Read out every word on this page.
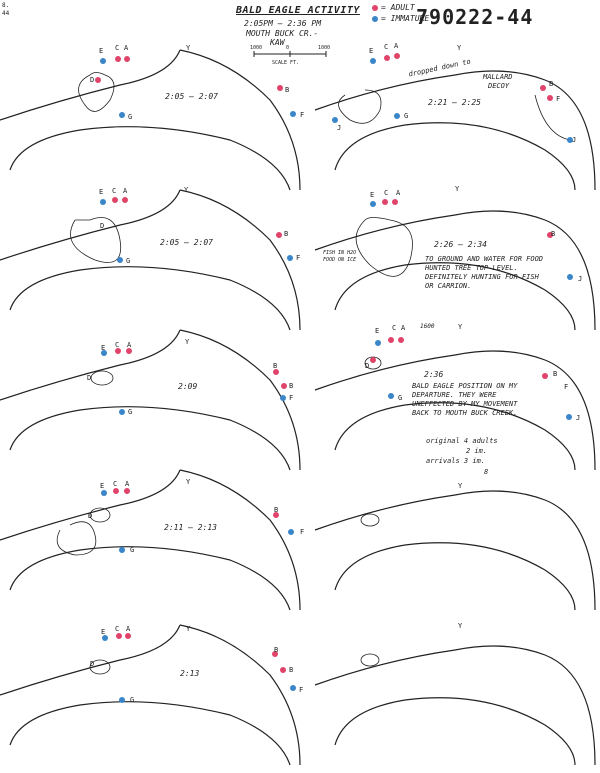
8.
44	BALD EAGLE ACTIVITY
2:05PM – 2:36 PM
MOUTH BUCK CR.-
KAW
1000	0	1000
SCALE FT.
= ADULT
= IMMATURE
790222-44
2:05 – 2:07
2:21 – 2:25
2:05 – 2:07	2:26 – 2:34
2:09
2:36
2:11 – 2:13
2:13
E C A
D
G
B
F
Y	E C A
J
G
B
F
J
Y
dropped down to MALLARD
DECOY
E C A
D
G
B
F
Y
E C A
B
J
Y
FISH IN H2O FOOD ON ICE	TO GROUND AND WATER FOR FOOD HUNTED TREE TOP LEVEL. DEFINITELY HUNTING FOR FISH OR CARRION.
E C A
D
G
B
B
F
Y
E C A
D
G
B
F
J
Y
1600
BALD EAGLE POSITION ON MY DEPARTURE. THEY WERE UNEFFECTED BY MY MOVEMENT BACK TO MOUTH BUCK CREEK.
original 4 adults
2 im.
arrivals 3 im.
8
E C A
D
G
B
F
Y	Y
E C A
D
G
B
B
F
Y	Y
